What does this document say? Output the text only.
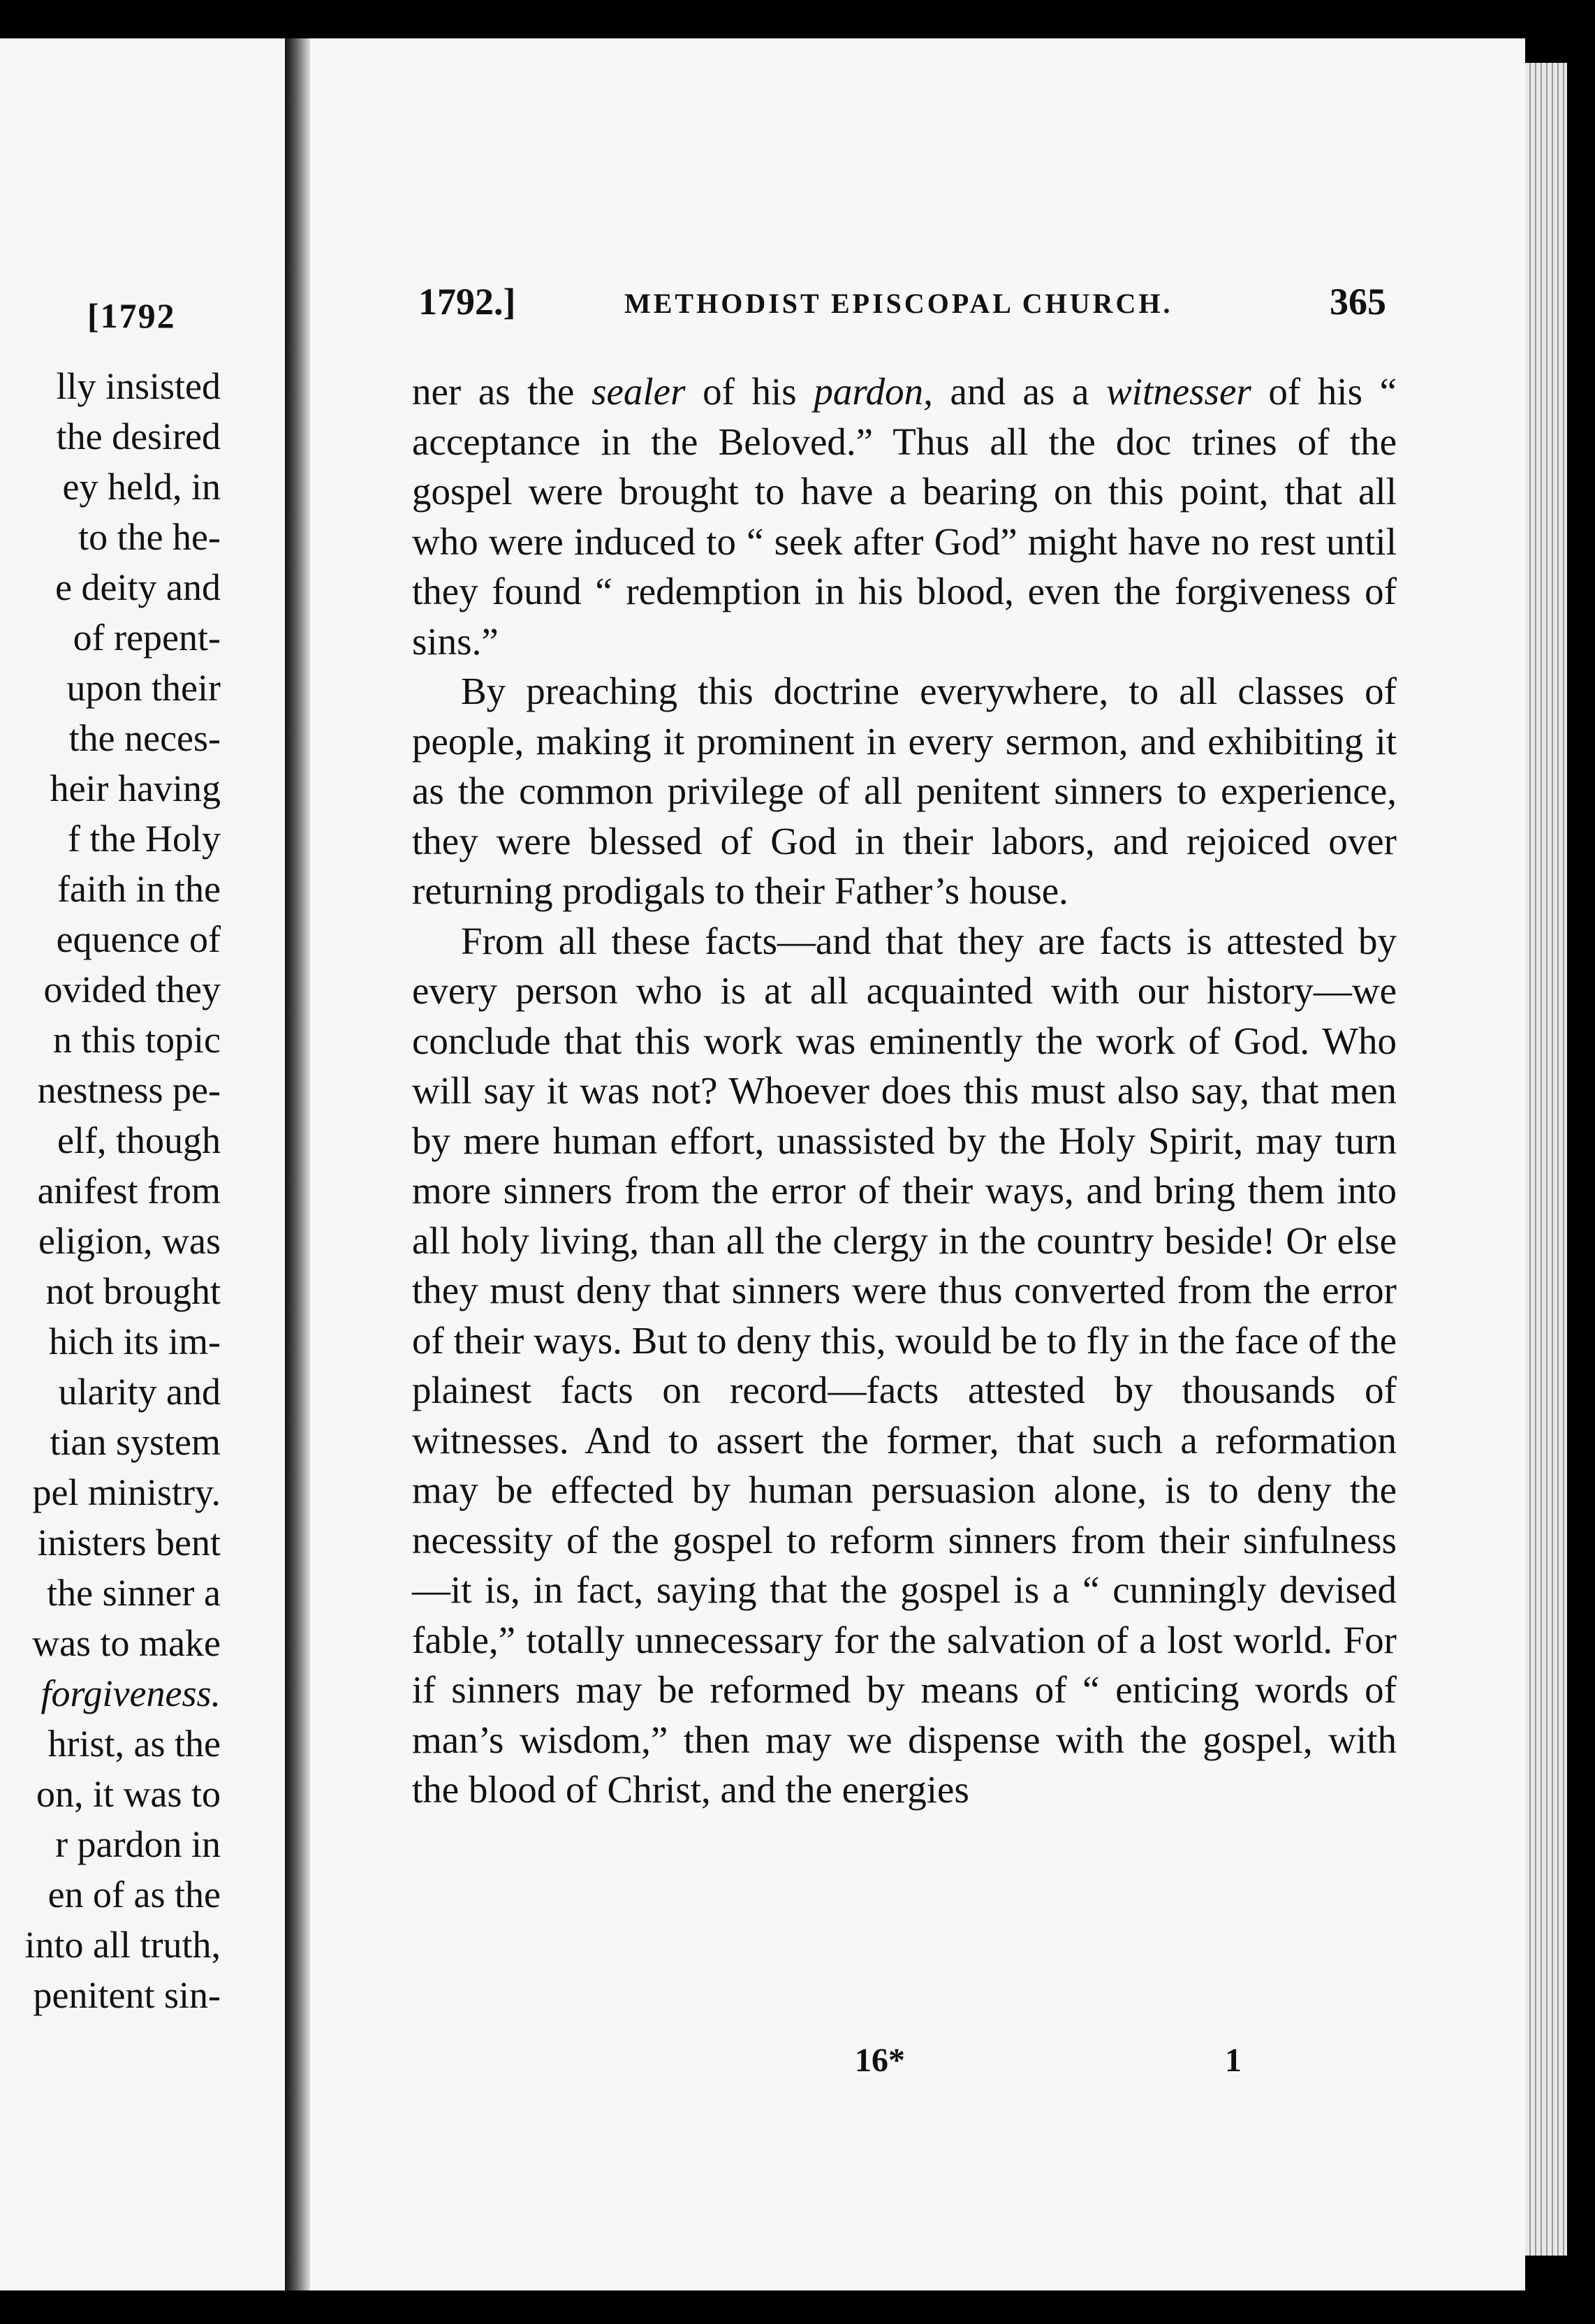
[1792
lly insisted
the desired
ey held, in
to the he-
e deity and
of repent-
upon their
the neces-
heir having
f the Holy
faith in the
equence of
ovided they
n this topic
nestness pe-
elf, though
anifest from
eligion, was
not brought
hich its im-
ularity and
tian system
pel ministry.
inisters bent
the sinner a
was to make
forgiveness.
hrist, as the
on, it was to
r pardon in
en of as the
into all truth,
penitent sin-
1792.]	METHODIST EPISCOPAL CHURCH.	365

ner as the sealer of his pardon, and as a witnesser of his “ acceptance in the Beloved.” Thus all the doc trines of the gospel were brought to have a bearing on this point, that all who were induced to “ seek after God” might have no rest until they found “ redemption in his blood, even the forgiveness of sins.”

By preaching this doctrine everywhere, to all classes of people, making it prominent in every sermon, and exhibiting it as the common privilege of all penitent sinners to experience, they were blessed of God in their labors, and rejoiced over returning prodigals to their Father’s house.

From all these facts—and that they are facts is attested by every person who is at all acquainted with our history—we conclude that this work was eminently the work of God. Who will say it was not? Whoever does this must also say, that men by mere human effort, unassisted by the Holy Spirit, may turn more sinners from the error of their ways, and bring them into all holy living, than all the clergy in the country beside! Or else they must deny that sinners were thus converted from the error of their ways. But to deny this, would be to fly in the face of the plainest facts on record—facts attested by thousands of witnesses. And to assert the former, that such a reformation may be effected by human persuasion alone, is to deny the necessity of the gospel to reform sinners from their sinfulness—it is, in fact, saying that the gospel is a “ cunningly devised fable,” totally unnecessary for the salvation of a lost world. For if sinners may be reformed by means of “ enticing words of man’s wisdom,” then may we dispense with the gospel, with the blood of Christ, and the energies

16*	1
